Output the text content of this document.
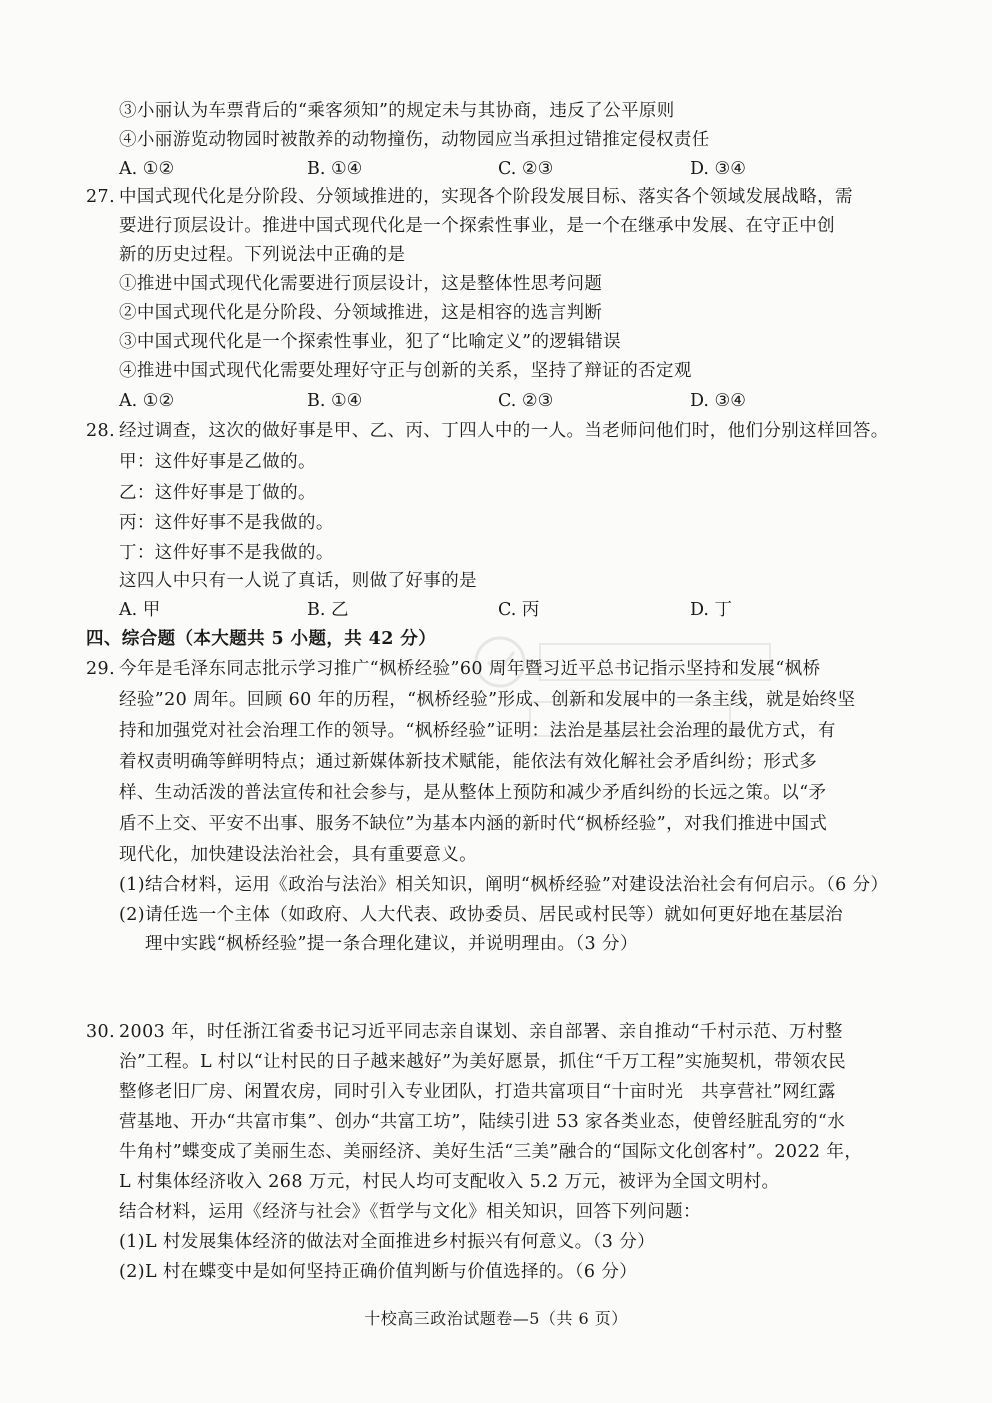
③小丽认为车票背后的“乘客须知”的规定未与其协商，违反了公平原则
④小丽游览动物园时被散养的动物撞伤，动物园应当承担过错推定侵权责任
A. ①②	B. ①④	C. ②③	D. ③④
27. 中国式现代化是分阶段、分领域推进的，实现各个阶段发展目标、落实各个领域发展战略，需
要进行顶层设计。推进中国式现代化是一个探索性事业，是一个在继承中发展、在守正中创
新的历史过程。下列说法中正确的是
①推进中国式现代化需要进行顶层设计，这是整体性思考问题
②中国式现代化是分阶段、分领域推进，这是相容的选言判断
③中国式现代化是一个探索性事业，犯了“比喻定义”的逻辑错误
④推进中国式现代化需要处理好守正与创新的关系，坚持了辩证的否定观
A. ①②	B. ①④	C. ②③	D. ③④
28. 经过调查，这次的做好事是甲、乙、丙、丁四人中的一人。当老师问他们时，他们分别这样回答。
甲：这件好事是乙做的。
乙：这件好事是丁做的。
丙：这件好事不是我做的。
丁：这件好事不是我做的。
这四人中只有一人说了真话，则做了好事的是
A. 甲	B. 乙	C. 丙	D. 丁
四、综合题（本大题共 5 小题，共 42 分）
29. 今年是毛泽东同志批示学习推广“枫桥经验”60 周年暨习近平总书记指示坚持和发展“枫桥
经验”20 周年。回顾 60 年的历程，“枫桥经验”形成、创新和发展中的一条主线，就是始终坚
持和加强党对社会治理工作的领导。“枫桥经验”证明：法治是基层社会治理的最优方式，有
着权责明确等鲜明特点；通过新媒体新技术赋能，能依法有效化解社会矛盾纠纷；形式多
样、生动活泼的普法宣传和社会参与，是从整体上预防和减少矛盾纠纷的长远之策。以“矛
盾不上交、平安不出事、服务不缺位”为基本内涵的新时代“枫桥经验”，对我们推进中国式
现代化，加快建设法治社会，具有重要意义。
(1)结合材料，运用《政治与法治》相关知识，阐明“枫桥经验”对建设法治社会有何启示。（6 分）
(2)请任选一个主体（如政府、人大代表、政协委员、居民或村民等）就如何更好地在基层治
理中实践“枫桥经验”提一条合理化建议，并说明理由。（3 分）
30. 2003 年，时任浙江省委书记习近平同志亲自谋划、亲自部署、亲自推动“千村示范、万村整
治”工程。L 村以“让村民的日子越来越好”为美好愿景，抓住“千万工程”实施契机，带领农民
整修老旧厂房、闲置农房，同时引入专业团队，打造共富项目“十亩时光　共享营社”网红露
营基地、开办“共富市集”、创办“共富工坊”，陆续引进 53 家各类业态，使曾经脏乱穷的“水
牛角村”蝶变成了美丽生态、美丽经济、美好生活“三美”融合的“国际文化创客村”。2022 年，
L 村集体经济收入 268 万元，村民人均可支配收入 5.2 万元，被评为全国文明村。
结合材料，运用《经济与社会》《哲学与文化》相关知识，回答下列问题：
(1)L 村发展集体经济的做法对全面推进乡村振兴有何意义。（3 分）
(2)L 村在蝶变中是如何坚持正确价值判断与价值选择的。（6 分）
十校高三政治试题卷—5（共 6 页）
